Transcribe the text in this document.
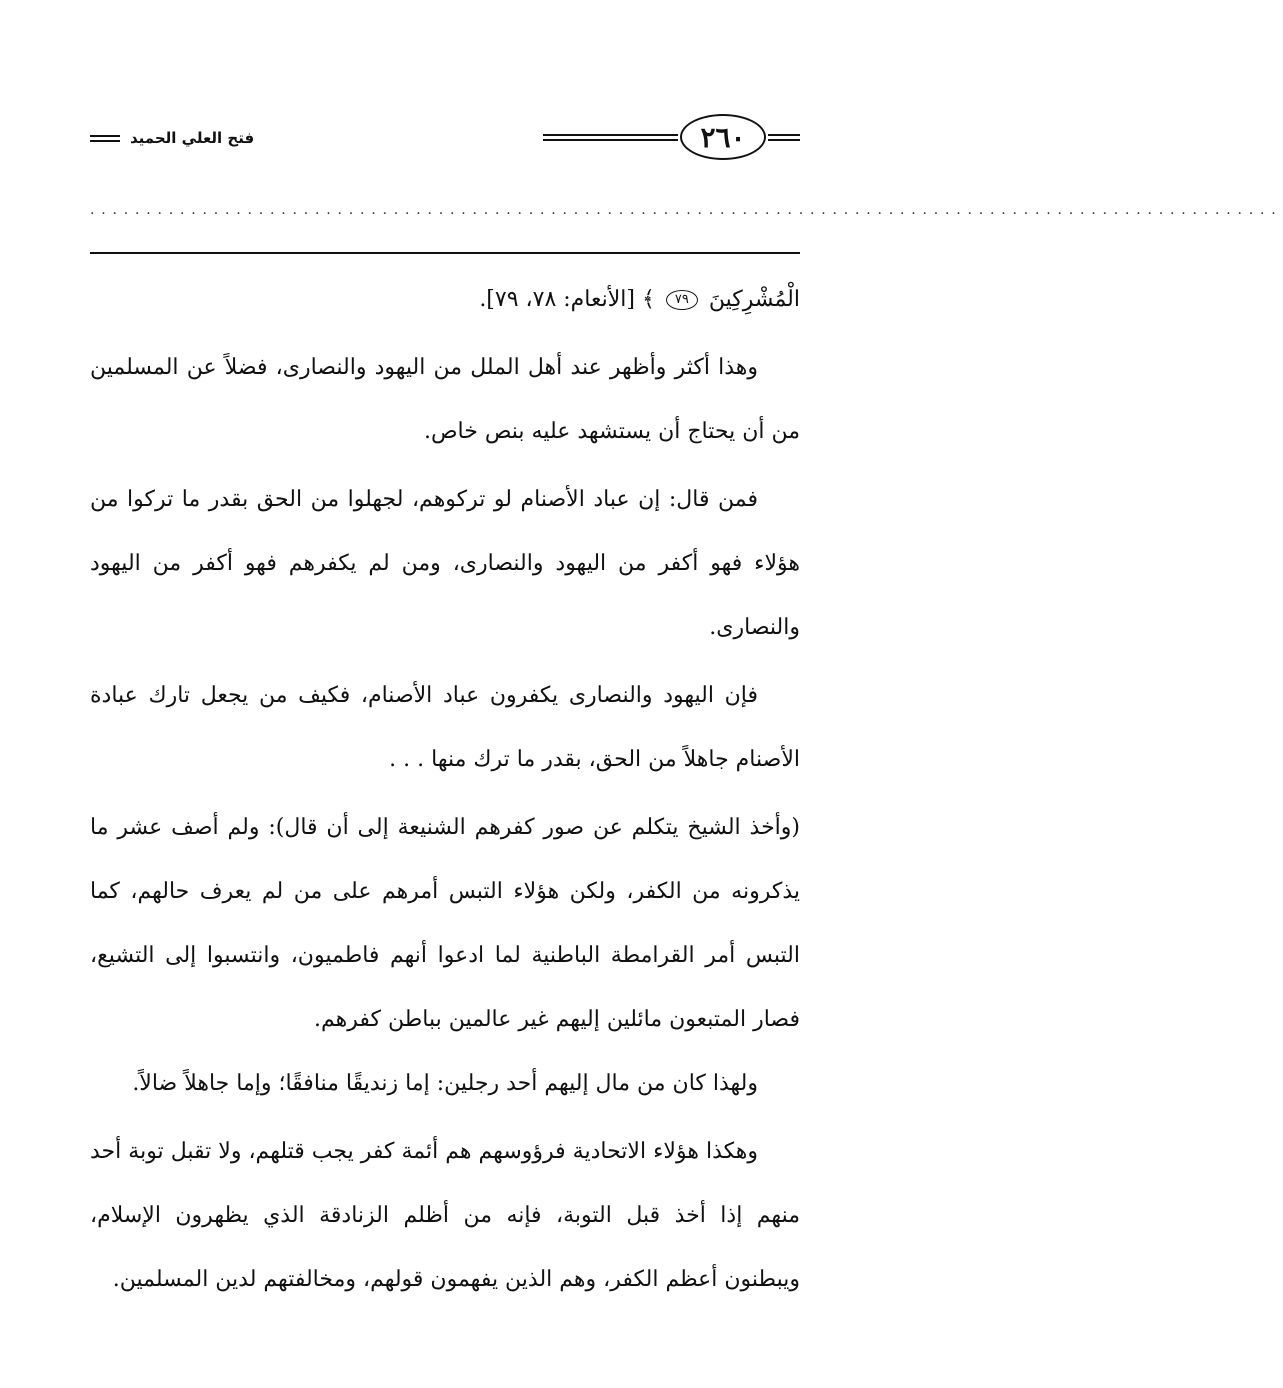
فتح العلي الحميد	٢٦٠
..........................................................................................................

الْمُشْرِكِينَ ٧٩ ﴾ [الأنعام: ٧٨، ٧٩].

وهذا أكثر وأظهر عند أهل الملل من اليهود والنصارى، فضلاً عن المسلمين من أن يحتاج أن يستشهد عليه بنص خاص.

فمن قال: إن عباد الأصنام لو تركوهم، لجهلوا من الحق بقدر ما تركوا من هؤلاء فهو أكفر من اليهود والنصارى، ومن لم يكفرهم فهو أكفر من اليهود والنصارى.

فإن اليهود والنصارى يكفرون عباد الأصنام، فكيف من يجعل تارك عبادة الأصنام جاهلاً من الحق، بقدر ما ترك منها . . .

(وأخذ الشيخ يتكلم عن صور كفرهم الشنيعة إلى أن قال): ولم أصف عشر ما يذكرونه من الكفر، ولكن هؤلاء التبس أمرهم على من لم يعرف حالهم، كما التبس أمر القرامطة الباطنية لما ادعوا أنهم فاطميون، وانتسبوا إلى التشيع، فصار المتبعون مائلين إليهم غير عالمين بباطن كفرهم.

ولهذا كان من مال إليهم أحد رجلين: إما زنديقًا منافقًا؛ وإما جاهلاً ضالاً.

وهكذا هؤلاء الاتحادية فرؤوسهم هم أئمة كفر يجب قتلهم، ولا تقبل توبة أحد منهم إذا أخذ قبل التوبة، فإنه من أظلم الزنادقة الذي يظهرون الإسلام، ويبطنون أعظم الكفر، وهم الذين يفهمون قولهم، ومخالفتهم لدين المسلمين.
